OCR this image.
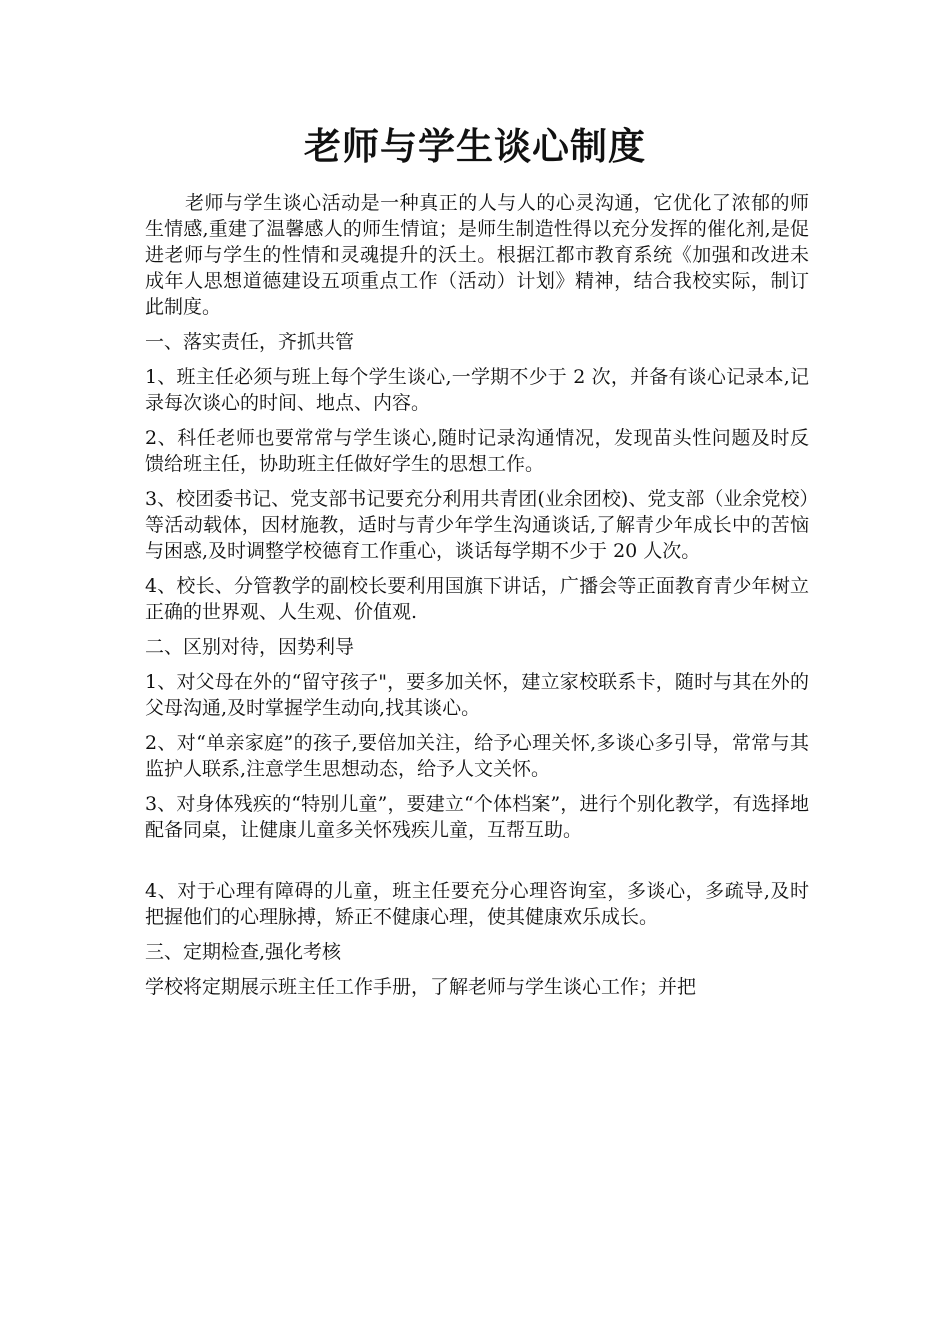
老师与学生谈心制度

老师与学生谈心活动是一种真正的人与人的心灵沟通，它优化了浓郁的师生情感,重建了温馨感人的师生情谊；是师生制造性得以充分发挥的催化剂,是促进老师与学生的性情和灵魂提升的沃土。根据江都市教育系统《加强和改进未成年人思想道德建设五项重点工作（活动）计划》精神，结合我校实际，制订此制度。

一、落实责任，齐抓共管

1、班主任必须与班上每个学生谈心,一学期不少于 2 次，并备有谈心记录本,记录每次谈心的时间、地点、内容。

2、科任老师也要常常与学生谈心,随时记录沟通情况，发现苗头性问题及时反馈给班主任，协助班主任做好学生的思想工作。

3、校团委书记、党支部书记要充分利用共青团(业余团校)、党支部（业余党校）等活动载体，因材施教，适时与青少年学生沟通谈话,了解青少年成长中的苦恼与困惑,及时调整学校德育工作重心，谈话每学期不少于 20 人次。

4、校长、分管教学的副校长要利用国旗下讲话，广播会等正面教育青少年树立正确的世界观、人生观、价值观.

二、区别对待，因势利导

1、对父母在外的“留守孩子"，要多加关怀，建立家校联系卡，随时与其在外的父母沟通,及时掌握学生动向,找其谈心。

2、对“单亲家庭”的孩子,要倍加关注，给予心理关怀,多谈心多引导，常常与其监护人联系,注意学生思想动态，给予人文关怀。

3、对身体残疾的“特别儿童”，要建立“个体档案”，进行个别化教学，有选择地配备同桌，让健康儿童多关怀残疾儿童，互帮互助。

4、对于心理有障碍的儿童，班主任要充分心理咨询室，多谈心，多疏导,及时把握他们的心理脉搏，矫正不健康心理，使其健康欢乐成长。

三、定期检查,强化考核

学校将定期展示班主任工作手册，了解老师与学生谈心工作；并把
